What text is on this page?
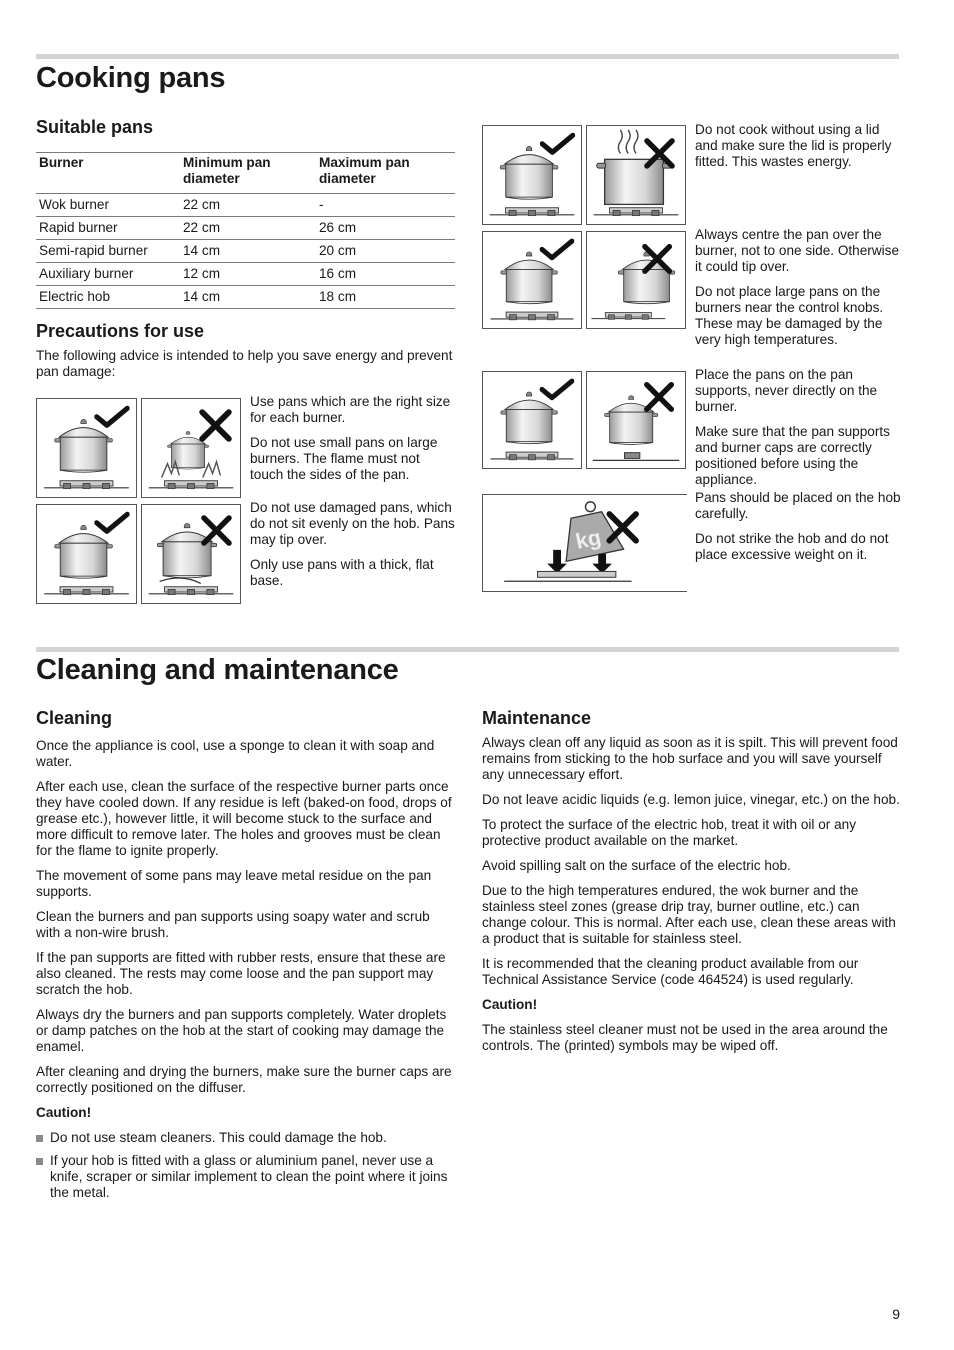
Cooking pans
Suitable pans
Burner	Minimum pan diameter	Maximum pan diameter
Wok burner	22 cm	-
Rapid burner	22 cm	26 cm
Semi-rapid burner	14 cm	20 cm
Auxiliary burner	12 cm	16 cm
Electric hob	14 cm	18 cm
Precautions for use
The following advice is intended to help you save energy and prevent pan damage:

Use pans which are the right size for each burner.

Do not use small pans on large burners. The flame must not touch the sides of the pan.

Do not use damaged pans, which do not sit evenly on the hob. Pans may tip over.

Only use pans with a thick, flat base.

kg
Do not cook without using a lid and make sure the lid is properly fitted. This wastes energy.

Always centre the pan over the burner, not to one side. Otherwise it could tip over.

Do not place large pans on the burners near the control knobs. These may be damaged by the very high temperatures.

Place the pans on the pan supports, never directly on the burner.

Make sure that the pan supports and burner caps are correctly positioned before using the appliance.

Pans should be placed on the hob carefully.

Do not strike the hob and do not place excessive weight on it.

Cleaning and maintenance
Cleaning

Once the appliance is cool, use a sponge to clean it with soap and water.

After each use, clean the surface of the respective burner parts once they have cooled down. If any residue is left (baked-on food, drops of grease etc.), however little, it will become stuck to the surface and more difficult to remove later. The holes and grooves must be clean for the flame to ignite properly.

The movement of some pans may leave metal residue on the pan supports.

Clean the burners and pan supports using soapy water and scrub with a non-wire brush.

If the pan supports are fitted with rubber rests, ensure that these are also cleaned. The rests may come loose and the pan support may scratch the hob.

Always dry the burners and pan supports completely. Water droplets or damp patches on the hob at the start of cooking may damage the enamel.

After cleaning and drying the burners, make sure the burner caps are correctly positioned on the diffuser.

Caution!

Do not use steam cleaners. This could damage the hob.
If your hob is fitted with a glass or aluminium panel, never use a knife, scraper or similar implement to clean the point where it joins the metal.
Maintenance

Always clean off any liquid as soon as it is spilt. This will prevent food remains from sticking to the hob surface and you will save yourself any unnecessary effort.

Do not leave acidic liquids (e.g. lemon juice, vinegar, etc.) on the hob.

To protect the surface of the electric hob, treat it with oil or any protective product available on the market.

Avoid spilling salt on the surface of the electric hob.

Due to the high temperatures endured, the wok burner and the stainless steel zones (grease drip tray, burner outline, etc.) can change colour. This is normal. After each use, clean these areas with a product that is suitable for stainless steel.

It is recommended that the cleaning product available from our Technical Assistance Service (code 464524) is used regularly.

Caution!

The stainless steel cleaner must not be used in the area around the controls. The (printed) symbols may be wiped off.

9
